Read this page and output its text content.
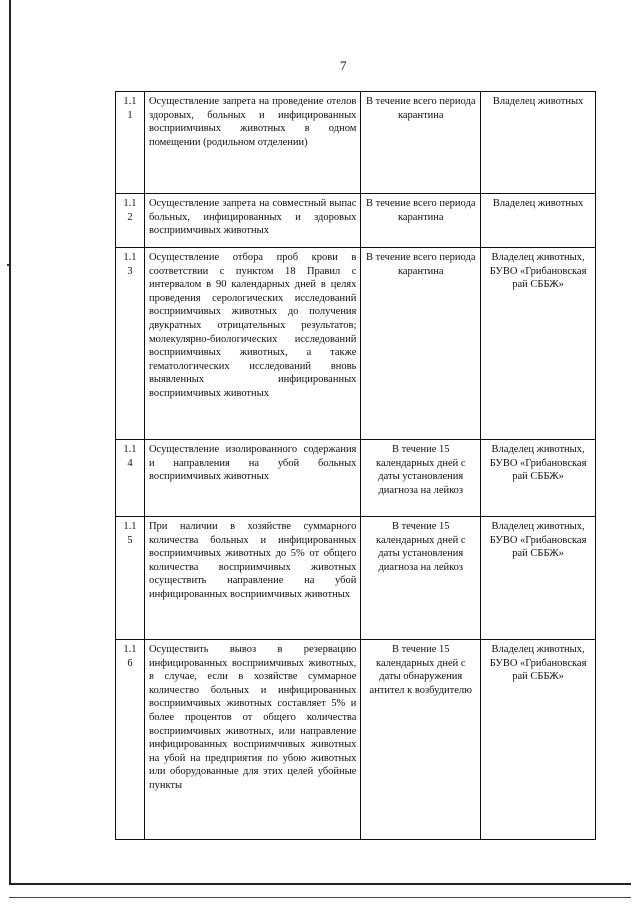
7
1.1 1	Осуществление запрета на проведение отелов здоровых, больных и инфицированных восприимчивых животных в одном помещении (родильном отделении)	В течение всего периода карантина	Владелец животных
1.1 2	Осуществление запрета на совместный выпас больных, инфицированных и здоровых восприимчивых животных	В течение всего периода карантина	Владелец животных
1.1 3	Осуществление отбора проб крови в соответствии с пунктом 18 Правил с интервалом в 90 календарных дней в целях проведения серологических исследований восприимчивых животных до получения двукратных отрицательных результатов; молекулярно-биологических исследований восприимчивых животных, а также гематологических исследований вновь выявленных инфицированных восприимчивых животных	В течение всего периода карантина	Владелец животных, БУВО «Грибановская рай СББЖ»
1.1 4	Осуществление изолированного содержания и направления на убой больных восприимчивых животных	В течение 15 календарных дней с даты установления диагноза на лейкоз	Владелец животных, БУВО «Грибановская рай СББЖ»
1.1 5	При наличии в хозяйстве суммарного количества больных и инфицированных восприимчивых животных до 5% от общего количества восприимчивых животных осуществить направление на убой инфицированных восприимчивых животных	В течение 15 календарных дней с даты установления диагноза на лейкоз	Владелец животных, БУВО «Грибановская рай СББЖ»
1.1 6	Осуществить вывоз в резервацию инфицированных восприимчивых животных, в случае, если в хозяйстве суммарное количество больных и инфицированных восприимчивых животных составляет 5% и более процентов от общего количества восприимчивых животных, или направление инфицированных восприимчивых животных на убой на предприятия по убою животных или оборудованные для этих целей убойные пункты	В течение 15 календарных дней с даты обнаружения антител к возбудителю	Владелец животных, БУВО «Грибановская рай СББЖ»
